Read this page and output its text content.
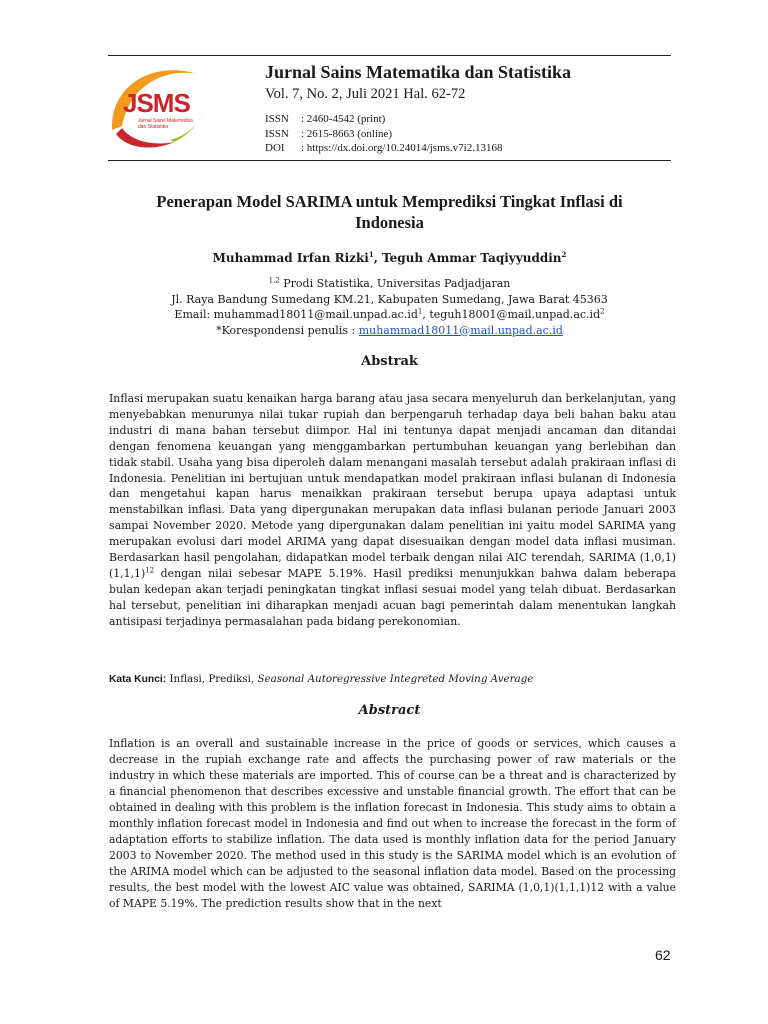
JSMS
Jurnal Sains Matematika
dan Statistika

Jurnal Sains Matematika dan Statistika

Vol. 7, No. 2, Juli 2021 Hal. 62-72

ISSN	: 2460-4542 (print)
ISSN	: 2615-8663 (online)
DOI	: https://dx.doi.org/10.24014/jsms.v7i2.13168
Penerapan Model SARIMA untuk Memprediksi Tingkat Inflasi di
Indonesia
Muhammad Irfan Rizki$^1$, Teguh Ammar Taqiyyuddin$^2$
$^{1,2}$ Prodi Statistika, Universitas Padjadjaran
Jl. Raya Bandung Sumedang KM.21, Kabupaten Sumedang, Jawa Barat 45363
Email: $muhammad18011@mail.unpad.ac.id^1$, $teguh18001@mail.unpad.ac.id^2$
*Korespondensi penulis : muhammad18011@mail.unpad.ac.id
Abstrak

Inflasi merupakan suatu kenaikan harga barang atau jasa secara menyeluruh dan berkelanjutan, yang menyebabkan menurunya nilai tukar rupiah dan berpengaruh terhadap daya beli bahan baku atau industri di mana bahan tersebut diimpor. Hal ini tentunya dapat menjadi ancaman dan ditandai dengan fenomena keuangan yang menggambarkan pertumbuhan keuangan yang berlebihan dan tidak stabil. Usaha yang bisa diperoleh dalam menangani masalah tersebut adalah prakiraan inflasi di Indonesia. Penelitian ini bertujuan untuk mendapatkan model prakiraan inflasi bulanan di Indonesia dan mengetahui kapan harus menaikkan prakiraan tersebut berupa upaya adaptasi untuk menstabilkan inflasi. Data yang dipergunakan merupakan data inflasi bulanan periode Januari 2003 sampai November 2020. Metode yang dipergunakan dalam penelitian ini yaitu model SARIMA yang merupakan evolusi dari model ARIMA yang dapat disesuaikan dengan model data inflasi musiman. Berdasarkan hasil pengolahan, didapatkan model terbaik dengan nilai AIC terendah, SARIMA $(1,0,1)(1,1,1)^{12}$ dengan nilai sebesar MAPE 5.19%. Hasil prediksi menunjukkan bahwa dalam beberapa bulan kedepan akan terjadi peningkatan tingkat inflasi sesuai model yang telah dibuat. Berdasarkan hal tersebut, penelitian ini diharapkan menjadi acuan bagi pemerintah dalam menentukan langkah antisipasi terjadinya permasalahan pada bidang perekonomian.

Kata Kunci: Inflasi, Prediksi, Seasonal Autoregressive Integreted Moving Average
Abstract

Inflation is an overall and sustainable increase in the price of goods or services, which causes a decrease in the rupiah exchange rate and affects the purchasing power of raw materials or the industry in which these materials are imported. This of course can be a threat and is characterized by a financial phenomenon that describes excessive and unstable financial growth. The effort that can be obtained in dealing with this problem is the inflation forecast in Indonesia. This study aims to obtain a monthly inflation forecast model in Indonesia and find out when to increase the forecast in the form of adaptation efforts to stabilize inflation. The data used is monthly inflation data for the period January 2003 to November 2020. The method used in this study is the SARIMA model which is an evolution of the ARIMA model which can be adjusted to the seasonal inflation data model. Based on the processing results, the best model with the lowest AIC value was obtained, SARIMA (1,0,1)(1,1,1)12 with a value of MAPE 5.19%. The prediction results show that in the next

62
